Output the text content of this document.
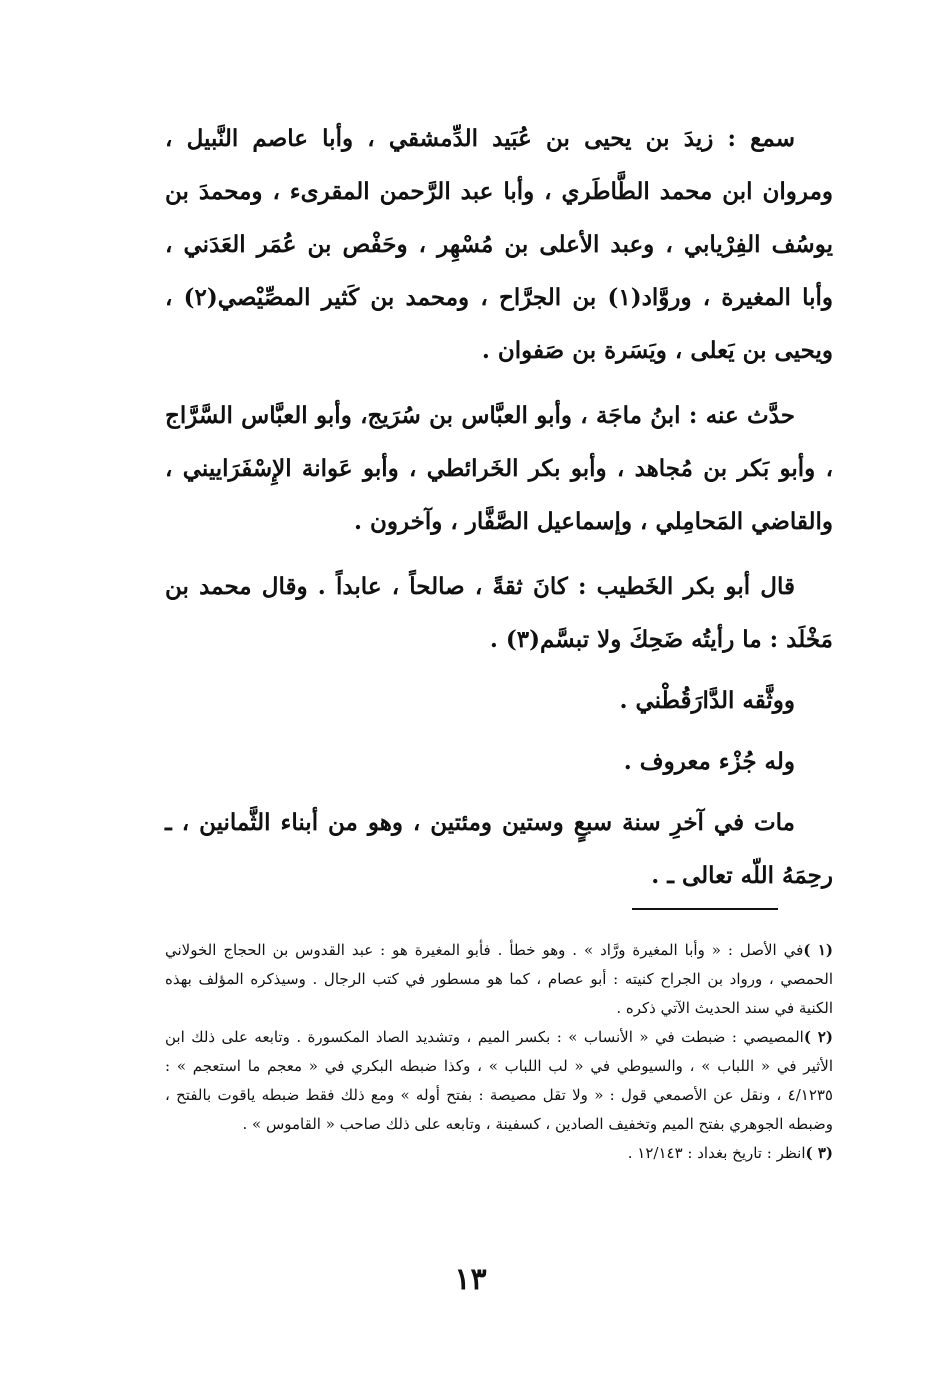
سمع : زيدَ بن يحيى بن عُبَيد الدِّمشقي ، وأبا عاصم النَّبيل ، ومروان ابن محمد الطَّاطَري ، وأبا عبد الرَّحمن المقرىء ، ومحمدَ بن يوسُف الفِرْيابي ، وعبد الأعلى بن مُسْهِر ، وحَفْص بن عُمَر العَدَني ، وأبا المغيرة ، وروَّاد(١) بن الجرَّاح ، ومحمد بن كَثير المصِّيْصي(٢) ، ويحيى بن يَعلى ، ويَسَرة بن صَفوان .

حدَّث عنه : ابنُ ماجَة ، وأبو العبَّاس بن سُرَيج، وأبو العبَّاس السَّرَّاج ، وأبو بَكر بن مُجاهد ، وأبو بكر الخَرائطي ، وأبو عَوانة الإِسْفَرَاييني ، والقاضي المَحامِلي ، وإسماعيل الصَّفَّار ، وآخرون .

قال أبو بكر الخَطيب : كانَ ثقةً ، صالحاً ، عابداً . وقال محمد بن مَخْلَد : ما رأيتُه ضَحِكَ ولا تبسَّم(٣) .

ووثَّقه الدَّارَقُطْني .

وله جُزْء معروف .

مات في آخرِ سنة سبعٍ وستين ومئتين ، وهو من أبناء الثَّمانين ، ـ رحِمَهُ اللّه تعالى ـ .

(١ )في الأصل : « وأبا المغيرة ورَّاد » . وهو خطأ . فأبو المغيرة هو : عبد القدوس بن الحجاج الخولاني الحمصي ، ورواد بن الجراح كنيته : أبو عصام ، كما هو مسطور في كتب الرجال . وسيذكره المؤلف بهذه الكنية في سند الحديث الآتي ذكره .

(٢ )المصيصي : ضبطت في « الأنساب » : بكسر الميم ، وتشديد الصاد المكسورة . وتابعه على ذلك ابن الأثير في « اللباب » ، والسيوطي في « لب اللباب » ، وكذا ضبطه البكري في « معجم ما استعجم » : ٤/١٢٣٥ ، ونقل عن الأصمعي قول : « ولا تقل مصيصة : بفتح أوله » ومع ذلك فقط ضبطه ياقوت بالفتح ، وضبطه الجوهري بفتح الميم وتخفيف الصادين ، كسفينة ، وتابعه على ذلك صاحب « القاموس » .

(٣ )انظر : تاريخ بغداد : ١٢/١٤٣ .

١٣
